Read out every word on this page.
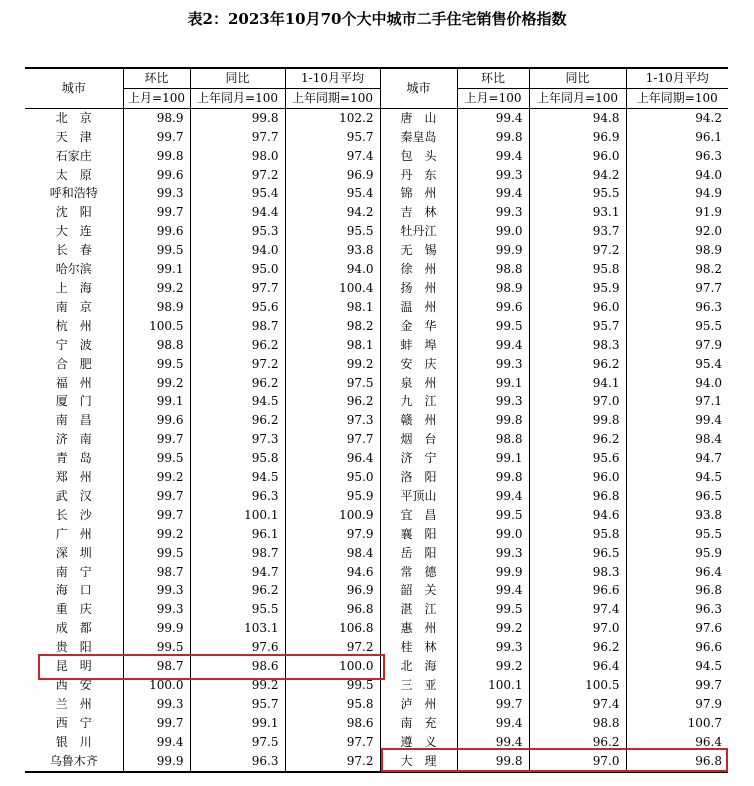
表2：2023年10月70个大中城市二手住宅销售价格指数
城市	环比	同比	1-10月平均	城市	环比	同比	1-10月平均
	上月=100	上年同月=100	上年同期=100		上月=100	上年同月=100	上年同期=100
北　京	98.9	99.8	102.2	唐　山	99.4	94.8	94.2
天　津	99.7	97.7	95.7	秦皇岛	99.8	96.9	96.1
石家庄	99.8	98.0	97.4	包　头	99.4	96.0	96.3
太　原	99.6	97.2	96.9	丹　东	99.3	94.2	94.0
呼和浩特	99.3	95.4	95.4	锦　州	99.4	95.5	94.9
沈　阳	99.7	94.4	94.2	吉　林	99.3	93.1	91.9
大　连	99.6	95.3	95.5	牡丹江	99.0	93.7	92.0
长　春	99.5	94.0	93.8	无　锡	99.9	97.2	98.9
哈尔滨	99.1	95.0	94.0	徐　州	98.8	95.8	98.2
上　海	99.2	97.7	100.4	扬　州	98.9	95.9	97.7
南　京	98.9	95.6	98.1	温　州	99.6	96.0	96.3
杭　州	100.5	98.7	98.2	金　华	99.5	95.7	95.5
宁　波	98.8	96.2	98.1	蚌　埠	99.4	98.3	97.9
合　肥	99.5	97.2	99.2	安　庆	99.3	96.2	95.4
福　州	99.2	96.2	97.5	泉　州	99.1	94.1	94.0
厦　门	99.1	94.5	96.2	九　江	99.3	97.0	97.1
南　昌	99.6	96.2	97.3	赣　州	99.8	99.8	99.4
济　南	99.7	97.3	97.7	烟　台	98.8	96.2	98.4
青　岛	99.5	95.8	96.4	济　宁	99.1	95.6	94.7
郑　州	99.2	94.5	95.0	洛　阳	99.8	96.0	94.5
武　汉	99.7	96.3	95.9	平顶山	99.4	96.8	96.5
长　沙	99.7	100.1	100.9	宜　昌	99.5	94.6	93.8
广　州	99.2	96.1	97.9	襄　阳	99.0	95.8	95.5
深　圳	99.5	98.7	98.4	岳　阳	99.3	96.5	95.9
南　宁	98.7	94.7	94.6	常　德	99.9	98.3	96.4
海　口	99.3	96.2	96.9	韶　关	99.4	96.6	96.8
重　庆	99.3	95.5	96.8	湛　江	99.5	97.4	96.3
成　都	99.9	103.1	106.8	惠　州	99.2	97.0	97.6
贵　阳	99.5	97.6	97.2	桂　林	99.3	96.2	96.6
昆　明	98.7	98.6	100.0	北　海	99.2	96.4	94.5
西　安	100.0	99.2	99.5	三　亚	100.1	100.5	99.7
兰　州	99.3	95.7	95.8	泸　州	99.7	97.4	97.9
西　宁	99.7	99.1	98.6	南　充	99.4	98.8	100.7
银　川	99.4	97.5	97.7	遵　义	99.4	96.2	96.4
乌鲁木齐	99.9	96.3	97.2	大　理	99.8	97.0	96.8
